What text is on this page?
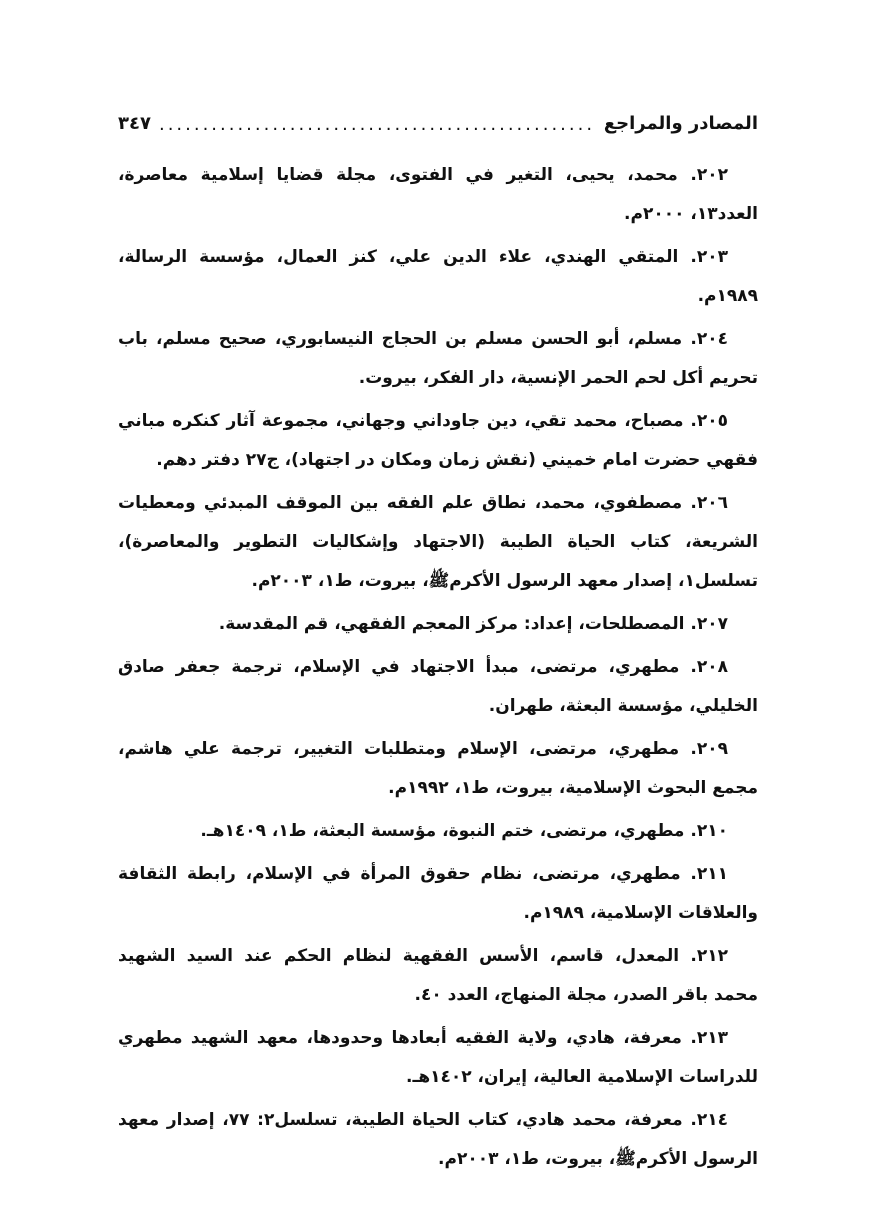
المصادر والمراجع
.....
٣٤٧

٢٠٢. محمد، يحيى، التغير في الفتوى، مجلة قضايا إسلامية معاصرة، العدد١٣، ٢٠٠٠م.

٢٠٣. المتقي الهندي، علاء الدين علي، كنز العمال، مؤسسة الرسالة، ١٩٨٩م.

٢٠٤. مسلم، أبو الحسن مسلم بن الحجاج النيسابوري، صحيح مسلم، باب تحريم أكل لحم الحمر الإنسية، دار الفكر، بيروت.

٢٠٥. مصباح، محمد تقي، دين جاوداني وجهاني، مجموعة آثار كنكره مباني فقهي حضرت امام خميني (نقش زمان ومكان در اجتهاد)، ج٢٧ دفتر دهم.

٢٠٦. مصطفوي، محمد، نطاق علم الفقه بين الموقف المبدئي ومعطيات الشريعة، كتاب الحياة الطيبة (الاجتهاد وإشكاليات التطوير والمعاصرة)، تسلسل١، إصدار معهد الرسول الأكرمﷺ، بيروت، ط١، ٢٠٠٣م.

٢٠٧. المصطلحات، إعداد: مركز المعجم الفقهي، قم المقدسة.

٢٠٨. مطهري، مرتضى، مبدأ الاجتهاد في الإسلام، ترجمة جعفر صادق الخليلي، مؤسسة البعثة، طهران.

٢٠٩. مطهري، مرتضى، الإسلام ومتطلبات التغيير، ترجمة علي هاشم، مجمع البحوث الإسلامية، بيروت، ط١، ١٩٩٢م.

٢١٠. مطهري، مرتضى، ختم النبوة، مؤسسة البعثة، ط١، ١٤٠٩هـ.

٢١١. مطهري، مرتضى، نظام حقوق المرأة في الإسلام، رابطة الثقافة والعلاقات الإسلامية، ١٩٨٩م.

٢١٢. المعدل، قاسم، الأسس الفقهية لنظام الحكم عند السيد الشهيد محمد باقر الصدر، مجلة المنهاج، العدد ٤٠.

٢١٣. معرفة، هادي، ولاية الفقيه أبعادها وحدودها، معهد الشهيد مطهري للدراسات الإسلامية العالية، إيران، ١٤٠٢هـ.

٢١٤. معرفة، محمد هادي، كتاب الحياة الطيبة، تسلسل٢: ٧٧، إصدار معهد الرسول الأكرمﷺ، بيروت، ط١، ٢٠٠٣م.
